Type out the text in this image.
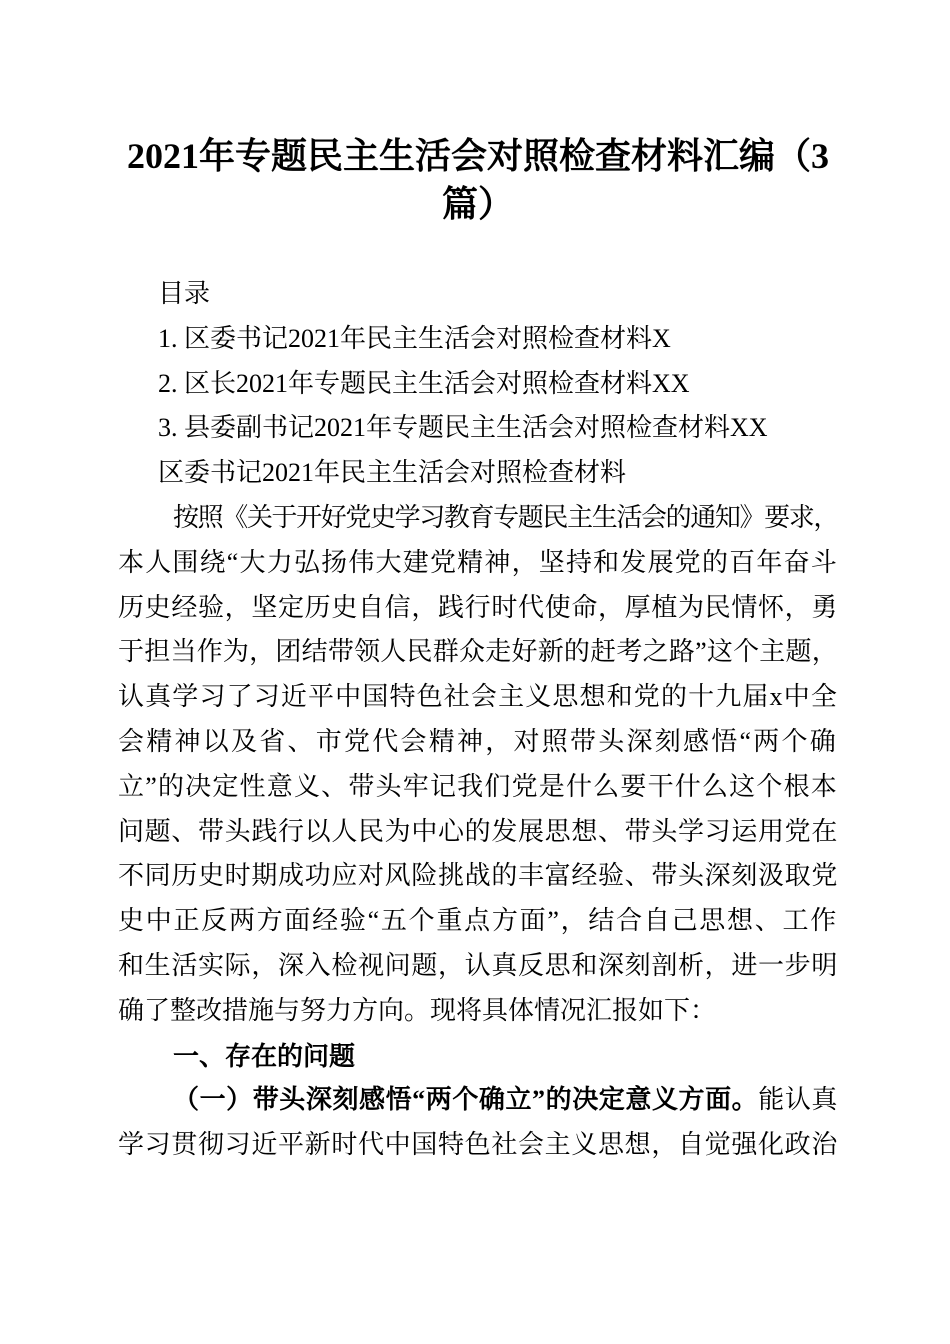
2021年专题民主生活会对照检查材料汇编（3
篇）

目录

1. 区委书记2021年民主生活会对照检查材料X

2. 区长2021年专题民主生活会对照检查材料XX

3. 县委副书记2021年专题民主生活会对照检查材料XX

区委书记2021年民主生活会对照检查材料

按照《关于开好党史学习教育专题民主生活会的通知》要求，

本人围绕“大力弘扬伟大建党精神，坚持和发展党的百年奋斗

历史经验，坚定历史自信，践行时代使命，厚植为民情怀，勇

于担当作为，团结带领人民群众走好新的赶考之路”这个主题，

认真学习了习近平中国特色社会主义思想和党的十九届x中全

会精神以及省、市党代会精神，对照带头深刻感悟“两个确

立”的决定性意义、带头牢记我们党是什么要干什么这个根本

问题、带头践行以人民为中心的发展思想、带头学习运用党在

不同历史时期成功应对风险挑战的丰富经验、带头深刻汲取党

史中正反两方面经验“五个重点方面”，结合自己思想、工作

和生活实际，深入检视问题，认真反思和深刻剖析，进一步明

确了整改措施与努力方向。现将具体情况汇报如下：

一、存在的问题

（一）带头深刻感悟“两个确立”的决定意义方面。能认真

学习贯彻习近平新时代中国特色社会主义思想，自觉强化政治
